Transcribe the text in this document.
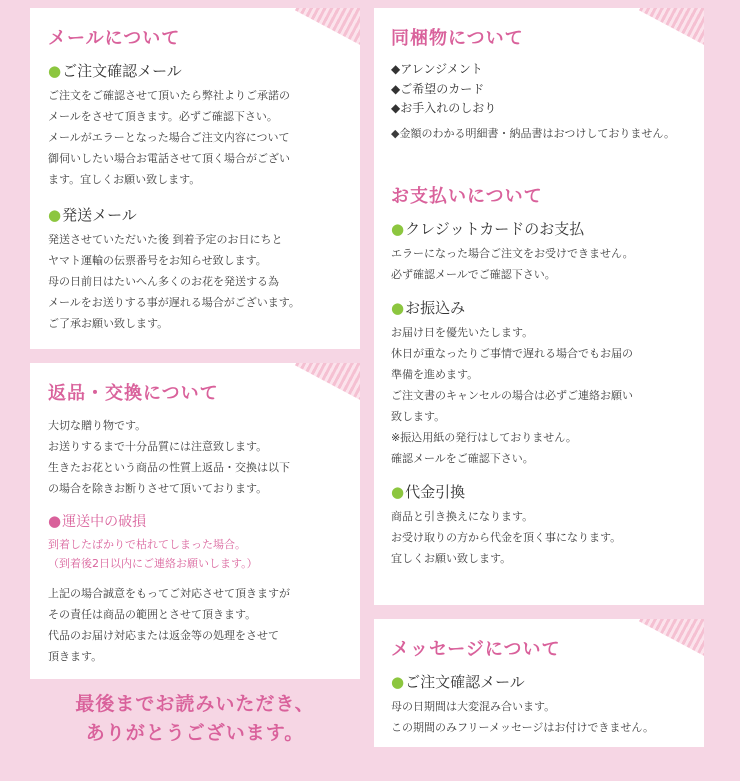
メールについて
●ご注文確認メール

ご注文をご確認させて頂いたら弊社よりご承諾の
メールをさせて頂きます。必ずご確認下さい。
メールがエラーとなった場合ご注文内容について
御伺いしたい場合お電話させて頂く場合がござい
ます。宜しくお願い致します。

●発送メール

発送させていただいた後 到着予定のお日にちと
ヤマト運輸の伝票番号をお知らせ致します。
母の日前日はたいへん多くのお花を発送する為
メールをお送りする事が遅れる場合がございます。
ご了承お願い致します。

返品・交換について

大切な贈り物です。
お送りするまで十分品質には注意致します。
生きたお花という商品の性質上返品・交換は以下
の場合を除きお断りさせて頂いております。

●運送中の破損

到着したばかりで枯れてしまった場合。
（到着後2日以内にご連絡お願いします。）

上記の場合誠意をもってご対応させて頂きますが
その責任は商品の範囲とさせて頂きます。
代品のお届け対応または返金等の処理をさせて
頂きます。

最後までお読みいただき、
ありがとうございます。
同梱物について

◆アレンジメント
◆ご希望のカード
◆お手入れのしおり

◆金額のわかる明細書・納品書はおつけしておりません。

お支払いについて
●クレジットカードのお支払

エラーになった場合ご注文をお受けできません。
必ず確認メールでご確認下さい。

●お振込み

お届け日を優先いたします。
休日が重なったりご事情で遅れる場合でもお届の
準備を進めます。
ご注文書のキャンセルの場合は必ずご連絡お願い
致します。
※振込用紙の発行はしておりません。
確認メールをご確認下さい。

●代金引換

商品と引き換えになります。
お受け取りの方から代金を頂く事になります。
宜しくお願い致します。

メッセージについて
●ご注文確認メール

母の日期間は大変混み合います。
この期間のみフリーメッセージはお付けできません。
